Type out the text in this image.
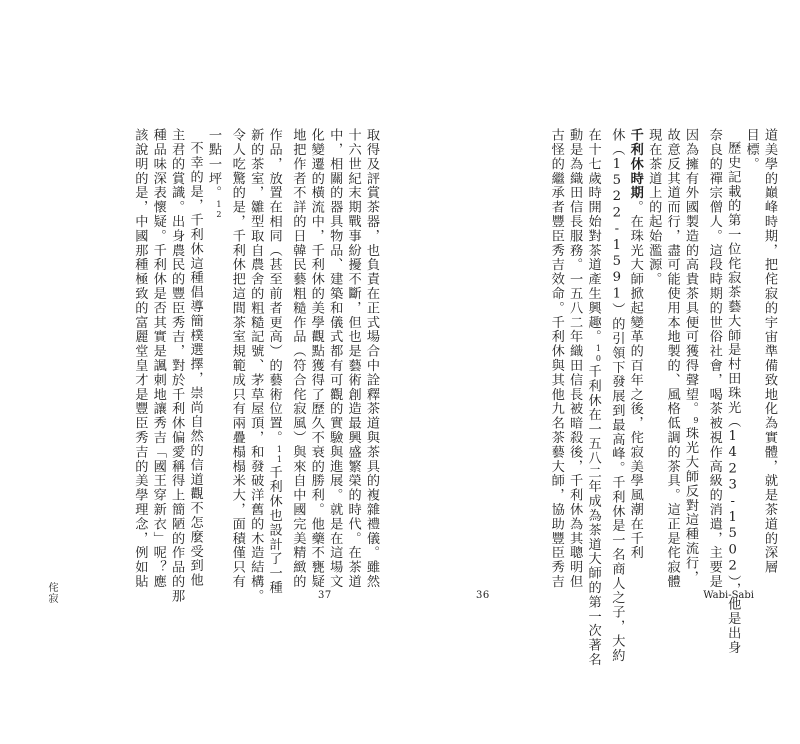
取得及評賞茶器，也負責在正式場合中詮釋茶道與茶具的複雜禮儀。雖然
十六世紀末期戰事紛擾不斷，但也是藝術創造最興盛繁榮的時代。在茶道
中，相關的器具物品、建築和儀式都有可觀的實驗與進展。就是在這場文
化變遷的橫流中，千利休的美學觀點獲得了歷久不衰的勝利。他藥不甕疑
地把作者不詳的日韓民藝粗糙作品（符合侘寂風）與來自中國完美精緻的
作品，放置在相同（甚至前者更高）的藝術位置。$^{11}$千利休也設計了一種
新的茶室，雛型取自農舍的粗糙記號、茅草屋頂，和發破洋舊的木造結構。
令人吃驚的是，千利休把這間茶室規範成只有兩疊榻榻米大，面積僅只有
一點一坪。$^{12}$
不幸的是，千利休這種倡導簡樸選擇，崇尚自然的信道觀不怎麼受到他
主君的賞識。出身農民的豐臣秀吉，對於千利休偏愛稱得上簡陋的作品的那
種品味深表懷疑。千利休是否其實是諷刺地讓秀吉「國王穿新衣」呢？應
該說明的是，中國那種極致的富麗堂皇才是豐臣秀吉的美學理念，例如貼
侘寂	37
道美學的巔峰時期，把侘寂的宇宙準備致地化為實體，就是茶道的深層
目標。
歷史記載的第一位侘寂茶藝大師是村田珠光（1423-1502），他是出身
奈良的禪宗僧人。這段時期的世俗社會，喝茶被視作高級的消遣，主要是
因為擁有外國製造的高貴茶具便可獲得聲望。$^9$珠光大師反對這種流行，
故意反其道而行，盡可能使用本地製的、風格低調的茶具。這正是侘寂體
現在茶道上的起始濫源。
千利休時期。在珠光大師掀起變革的百年之後，侘寂美學風潮在千利
休（1522-1591）的引領下發展到最高峰。千利休是一名商人之子，大約
在十七歲時開始對茶道產生興趣。$^{10}$千利休在一五八二年成為茶道大師的第一次著名
動是為織田信長服務。一五八二年織田信長被暗殺後，千利休為其聰明但
古怪的繼承者豐臣秀吉效命。千利休與其他九名茶藝大師，協助豐臣秀吉
36	Wabi-Sabi
